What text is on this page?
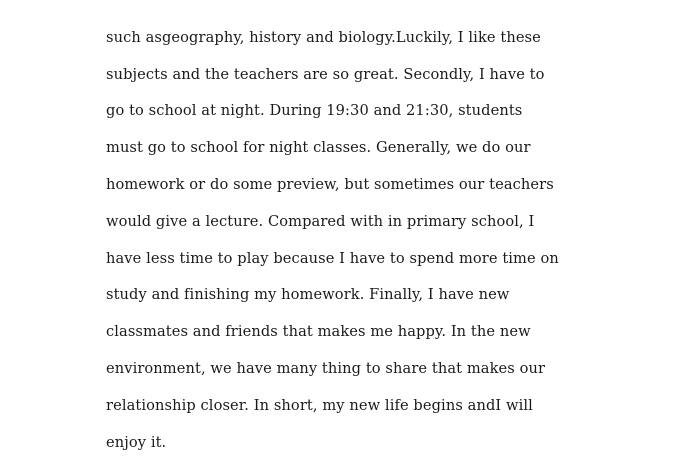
such asgeography, history and biology.Luckily, I like these
subjects and the teachers are so great. Secondly, I have to
go to school at night. During 19:30 and 21:30, students
must go to school for night classes. Generally, we do our
homework or do some preview, but sometimes our teachers
would give a lecture. Compared with in primary school, I
have less time to play because I have to spend more time on
study and finishing my homework. Finally, I have new
classmates and friends that makes me happy. In the new
environment, we have many thing to share that makes our
relationship closer. In short, my new life begins andI will
enjoy it.
